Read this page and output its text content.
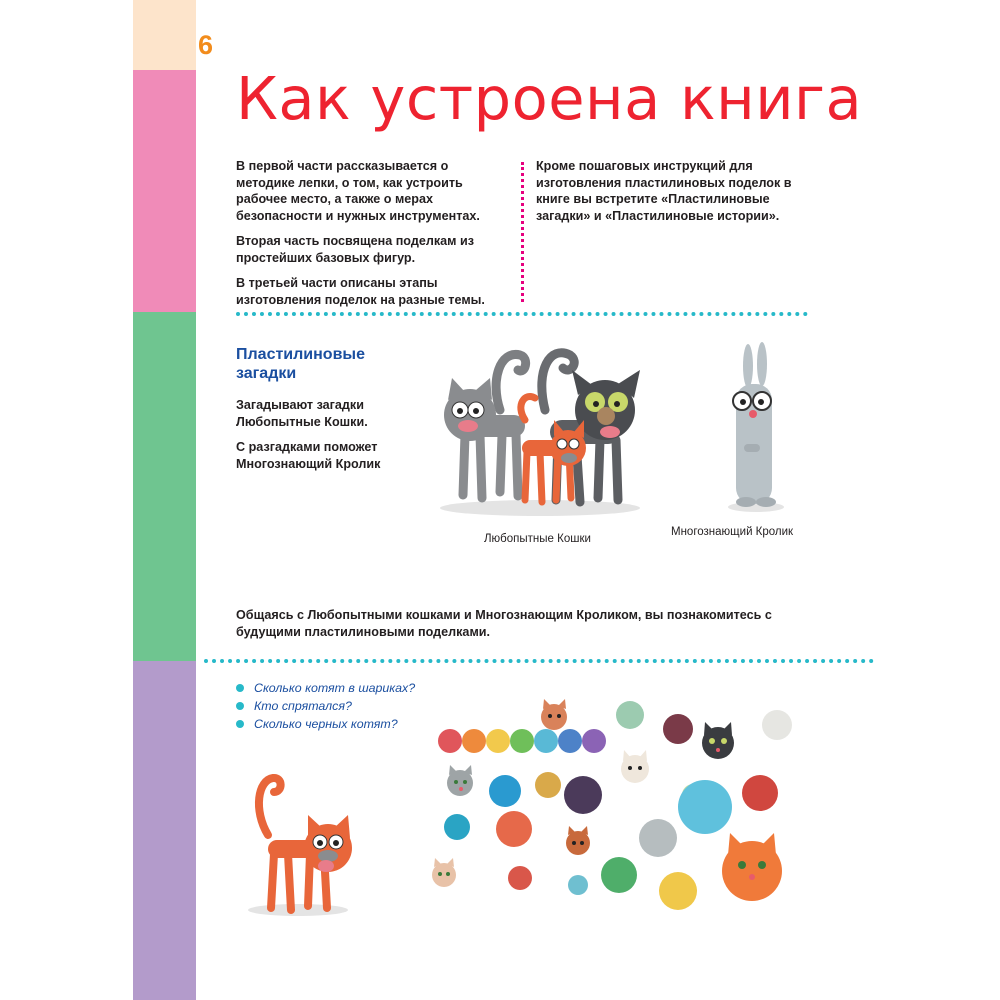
6
Как устроена книга

В первой части рассказывается о методике лепки, о том, как устроить рабочее место, а также о мерах безопасности и нужных инструментах.

Вторая часть посвящена поделкам из простейших базовых фигур.

В третьей части описаны этапы изготовления поделок на разные темы.

Кроме пошаговых инструкций для изготовления пластилиновых поделок в книге вы встретите «Пластилиновые загадки» и «Пластилиновые истории».

Пластилиновые загадки

Загадывают загадки Любопытные Кошки.

С разгадками поможет Многознающий Кролик

Любопытные Кошки
Многознающий Кролик
Общаясь с Любопытными кошками и Многознающим Кроликом, вы познакомитесь с будущими пластилиновыми поделками.
Сколько котят в шариках?
Кто спрятался?
Сколько черных котят?
